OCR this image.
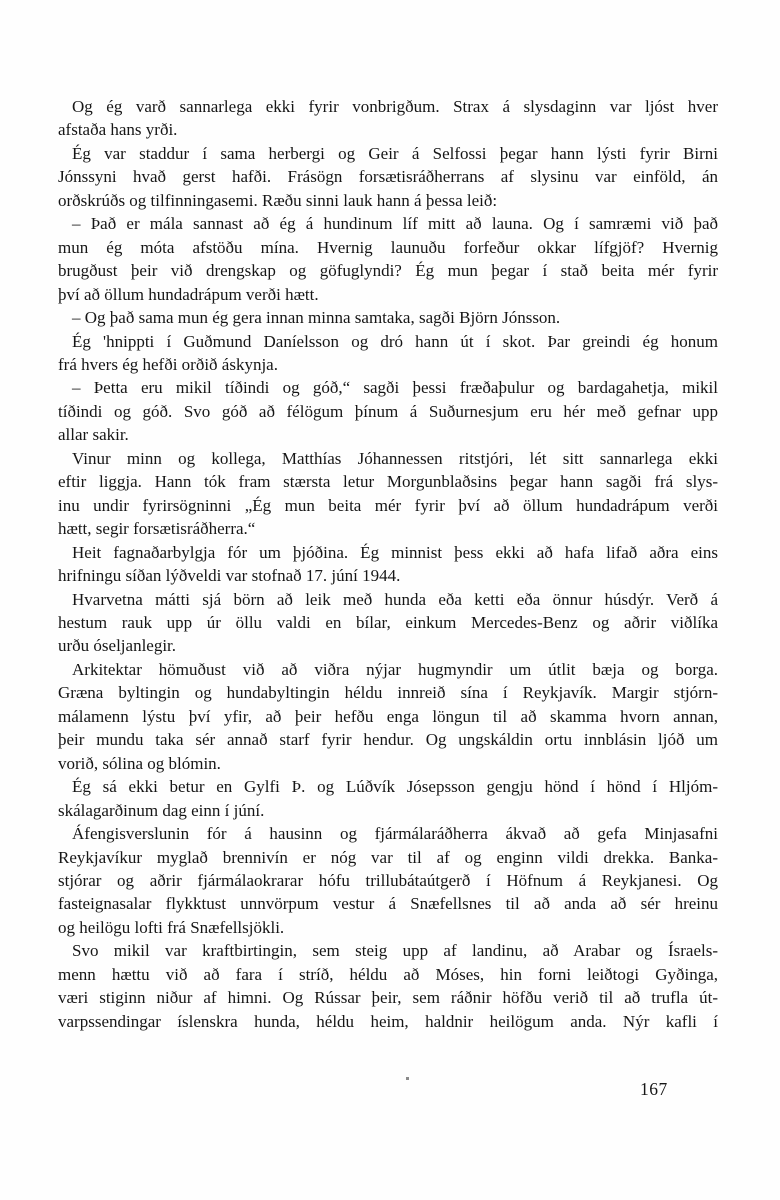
Og ég varð sannarlega ekki fyrir vonbrigðum. Strax á slysdaginn var ljóst hver
afstaða hans yrði.
Ég var staddur í sama herbergi og Geir á Selfossi þegar hann lýsti fyrir Birni
Jónssyni hvað gerst hafði. Frásögn forsætisráðherrans af slysinu var einföld, án
orðskrúðs og tilfinningasemi. Ræðu sinni lauk hann á þessa leið:
– Það er mála sannast að ég á hundinum líf mitt að launa. Og í samræmi við það
mun ég móta afstöðu mína. Hvernig launuðu forfeður okkar lífgjöf? Hvernig
brugðust þeir við drengskap og göfuglyndi? Ég mun þegar í stað beita mér fyrir
því að öllum hundadrápum verði hætt.
– Og það sama mun ég gera innan minna samtaka, sagði Björn Jónsson.
Ég 'hnippti í Guðmund Daníelsson og dró hann út í skot. Þar greindi ég honum
frá hvers ég hefði orðið áskynja.
– Þetta eru mikil tíðindi og góð,“ sagði þessi fræðaþulur og bardagahetja, mikil
tíðindi og góð. Svo góð að félögum þínum á Suðurnesjum eru hér með gefnar upp
allar sakir.
Vinur minn og kollega, Matthías Jóhannessen ritstjóri, lét sitt sannarlega ekki
eftir liggja. Hann tók fram stærsta letur Morgunblaðsins þegar hann sagði frá slys-
inu undir fyrirsögninni „Ég mun beita mér fyrir því að öllum hundadrápum verði
hætt, segir forsætisráðherra.“
Heit fagnaðarbylgja fór um þjóðina. Ég minnist þess ekki að hafa lifað aðra eins
hrifningu síðan lýðveldi var stofnað 17. júní 1944.
Hvarvetna mátti sjá börn að leik með hunda eða ketti eða önnur húsdýr. Verð á
hestum rauk upp úr öllu valdi en bílar, einkum Mercedes-Benz og aðrir viðlíka
urðu óseljanlegir.
Arkitektar hömuðust við að viðra nýjar hugmyndir um útlit bæja og borga.
Græna byltingin og hundabyltingin héldu innreið sína í Reykjavík. Margir stjórn-
málamenn lýstu því yfir, að þeir hefðu enga löngun til að skamma hvorn annan,
þeir mundu taka sér annað starf fyrir hendur. Og ungskáldin ortu innblásin ljóð um
vorið, sólina og blómin.
Ég sá ekki betur en Gylfi Þ. og Lúðvík Jósepsson gengju hönd í hönd í Hljóm-
skálagarðinum dag einn í júní.
Áfengisverslunin fór á hausinn og fjármálaráðherra ákvað að gefa Minjasafni
Reykjavíkur myglað brennivín er nóg var til af og enginn vildi drekka. Banka-
stjórar og aðrir fjármálaokrarar hófu trillubátaútgerð í Höfnum á Reykjanesi. Og
fasteignasalar flykktust unnvörpum vestur á Snæfellsnes til að anda að sér hreinu
og heilögu lofti frá Snæfellsjökli.
Svo mikil var kraftbirtingin, sem steig upp af landinu, að Arabar og Ísraels-
menn hættu við að fara í stríð, héldu að Móses, hin forni leiðtogi Gyðinga,
væri stiginn niður af himni. Og Rússar þeir, sem ráðnir höfðu verið til að trufla út-
varpssendingar íslenskra hunda, héldu heim, haldnir heilögum anda. Nýr kafli í
167
